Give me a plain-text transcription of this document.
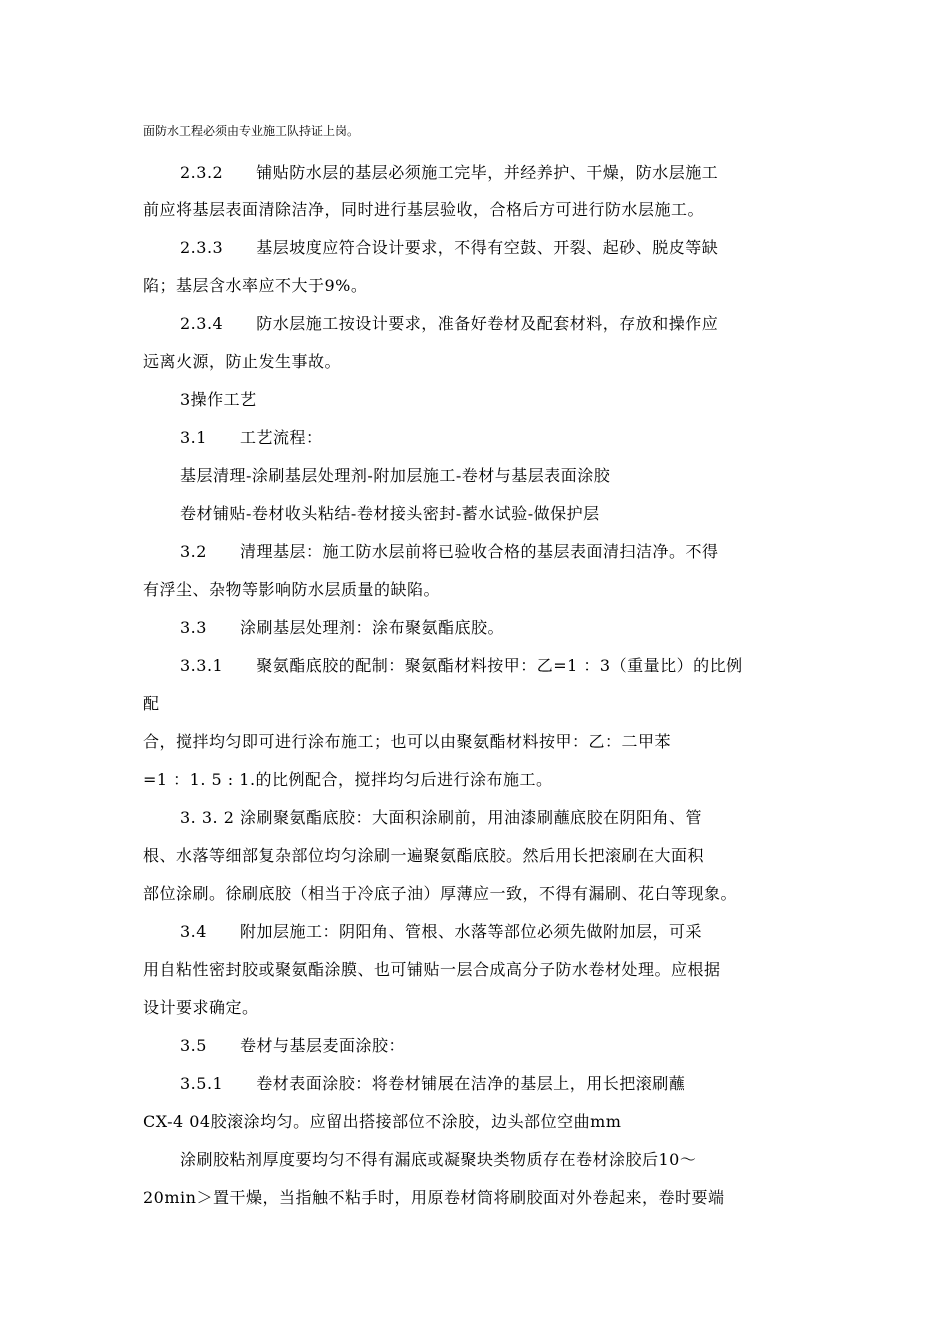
面防水工程必须由专业施工队持证上岗。
2.3.2　　铺贴防水层的基层必须施工完毕，并经养护、干燥，防水层施工
前应将基层表面清除洁净，同时进行基层验收，合格后方可进行防水层施工。
2.3.3　　基层坡度应符合设计要求，不得有空鼓、开裂、起砂、脱皮等缺
陷；基层含水率应不大于9%。
2.3.4　　防水层施工按设计要求，准备好卷材及配套材料，存放和操作应
远离火源，防止发生事故。
3操作工艺
3.1　　工艺流程：
基层清理-涂刷基层处理剂-附加层施工-卷材与基层表面涂胶
卷材铺贴-卷材收头粘结-卷材接头密封-蓄水试验-做保护层
3.2　　清理基层：施工防水层前将已验收合格的基层表面清扫洁净。不得
有浮尘、杂物等影响防水层质量的缺陷。
3.3　　涂刷基层处理剂：涂布聚氨酯底胶。
3.3.1　　聚氨酯底胶的配制：聚氨酯材料按甲：乙=1 ：3（重量比）的比例
配
合，搅拌均匀即可进行涂布施工；也可以由聚氨酯材料按甲：乙：二甲苯
=1 ：1. 5 : 1.的比例配合，搅拌均匀后进行涂布施工。
3. 3. 2 涂刷聚氨酯底胶：大面积涂刷前，用油漆刷蘸底胶在阴阳角、管
根、水落等细部复杂部位均匀涂刷一遍聚氨酯底胶。然后用长把滚刷在大面积
部位涂刷。徐刷底胶（相当于冷底子油）厚薄应一致，不得有漏刷、花白等现象。
3.4　　附加层施工：阴阳角、管根、水落等部位必须先做附加层，可采
用自粘性密封胶或聚氨酯涂膜、也可铺贴一层合成高分子防水卷材处理。应根据
设计要求确定。
3.5　　卷材与基层麦面涂胶：
3.5.1　　卷材表面涂胶：将卷材铺展在洁净的基层上，用长把滚刷蘸
CX-4 04胶滚涂均匀。应留出搭接部位不涂胶，边头部位空曲mm
涂刷胶粘剂厚度要均匀不得有漏底或凝聚块类物质存在卷材涂胶后10〜
20min＞置干燥，当指触不粘手时，用原卷材筒将刷胶面对外卷起来，卷时要端
